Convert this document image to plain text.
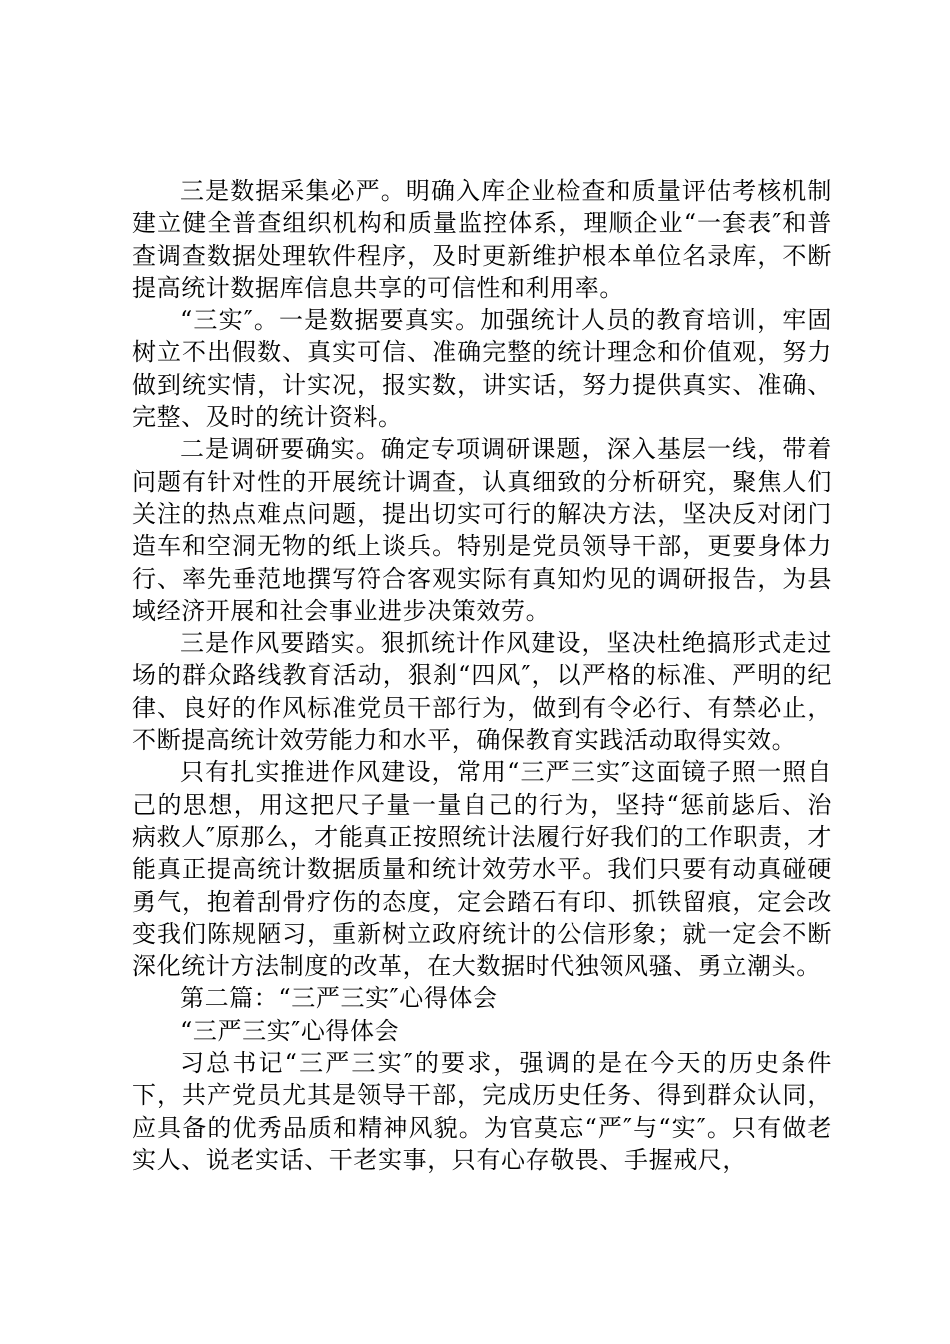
三是数据采集必严。明确入库企业检查和质量评估考核机制建立健全普查组织机构和质量监控体系，理顺企业“一套表″和普查调查数据处理软件程序，及时更新维护根本单位名录库，不断提高统计数据库信息共享的可信性和利用率。

“三实″。一是数据要真实。加强统计人员的教育培训，牢固树立不出假数、真实可信、准确完整的统计理念和价值观，努力做到统实情，计实况，报实数，讲实话，努力提供真实、准确、完整、及时的统计资料。

二是调研要确实。确定专项调研课题，深入基层一线，带着问题有针对性的开展统计调查，认真细致的分析研究，聚焦人们关注的热点难点问题，提出切实可行的解决方法，坚决反对闭门造车和空洞无物的纸上谈兵。特别是党员领导干部，更要身体力行、率先垂范地撰写符合客观实际有真知灼见的调研报告，为县域经济开展和社会事业进步决策效劳。

三是作风要踏实。狠抓统计作风建设，坚决杜绝搞形式走过场的群众路线教育活动，狠刹“四风″，以严格的标准、严明的纪律、良好的作风标准党员干部行为，做到有令必行、有禁必止，不断提高统计效劳能力和水平，确保教育实践活动取得实效。

只有扎实推进作风建设，常用“三严三实″这面镜子照一照自己的思想，用这把尺子量一量自己的行为，坚持“惩前毖后、治病救人″原那么，才能真正按照统计法履行好我们的工作职责，才能真正提高统计数据质量和统计效劳水平。我们只要有动真碰硬勇气，抱着刮骨疗伤的态度，定会踏石有印、抓铁留痕，定会改变我们陈规陋习，重新树立政府统计的公信形象；就一定会不断深化统计方法制度的改革，在大数据时代独领风骚、勇立潮头。

第二篇：“三严三实″心得体会

“三严三实″心得体会

习总书记“三严三实″的要求，强调的是在今天的历史条件下，共产党员尤其是领导干部，完成历史任务、得到群众认同，应具备的优秀品质和精神风貌。为官莫忘“严″与“实″。只有做老实人、说老实话、干老实事，只有心存敬畏、手握戒尺，
